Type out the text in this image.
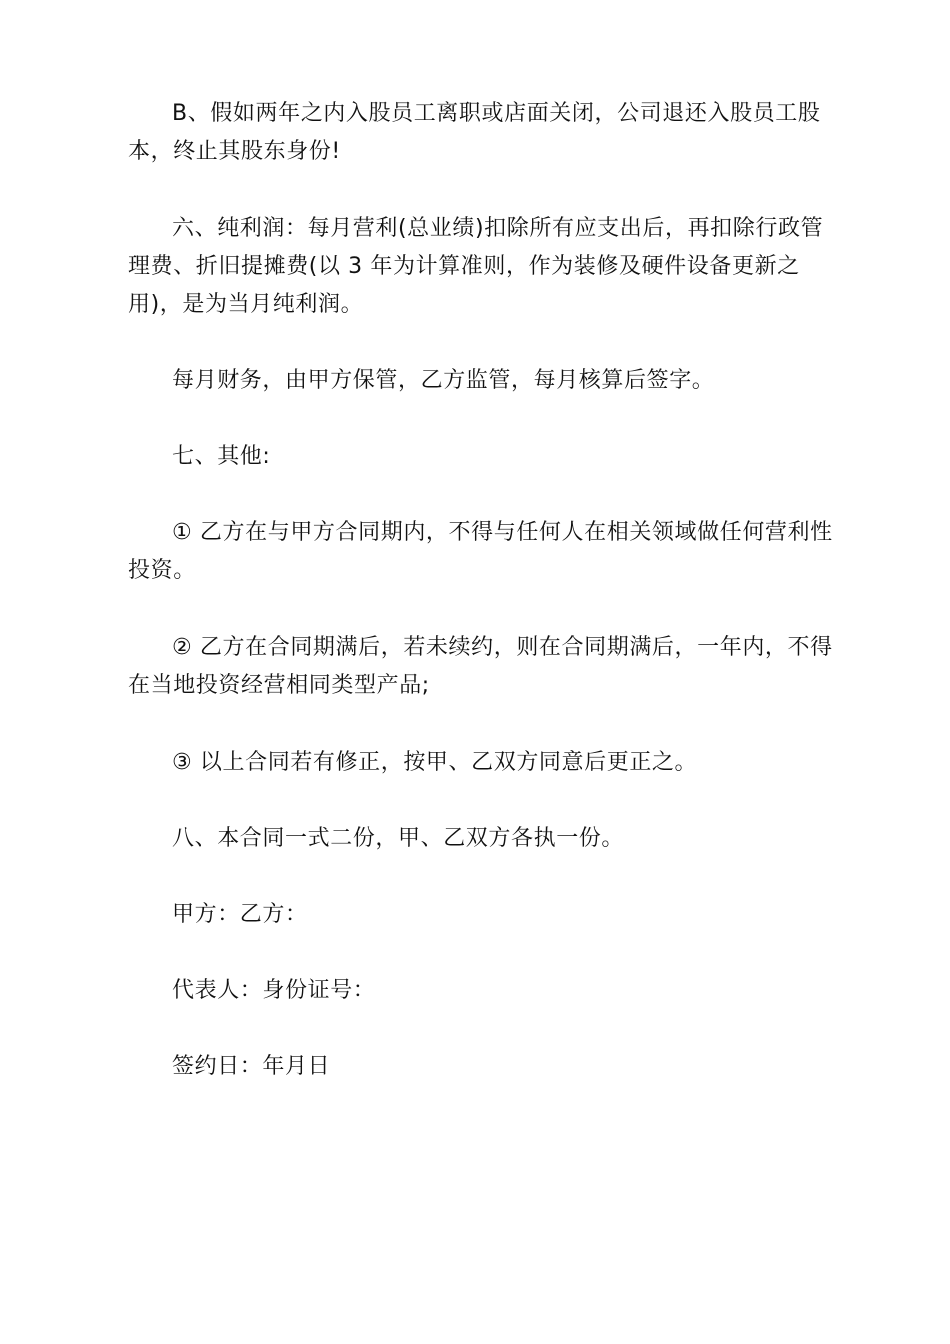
B、假如两年之内入股员工离职或店面关闭，公司退还入股员工股本，终止其股东身份!

六、纯利润：每月营利(总业绩)扣除所有应支出后，再扣除行政管理费、折旧提摊费(以 3 年为计算准则，作为装修及硬件设备更新之用)，是为当月纯利润。

每月财务，由甲方保管，乙方监管，每月核算后签字。

七、其他:

① 乙方在与甲方合同期内，不得与任何人在相关领域做任何营利性投资。

② 乙方在合同期满后，若未续约，则在合同期满后，一年内，不得在当地投资经营相同类型产品;

③ 以上合同若有修正，按甲、乙双方同意后更正之。

八、本合同一式二份，甲、乙双方各执一份。

甲方：乙方：

代表人：身份证号：

签约日：年月日
